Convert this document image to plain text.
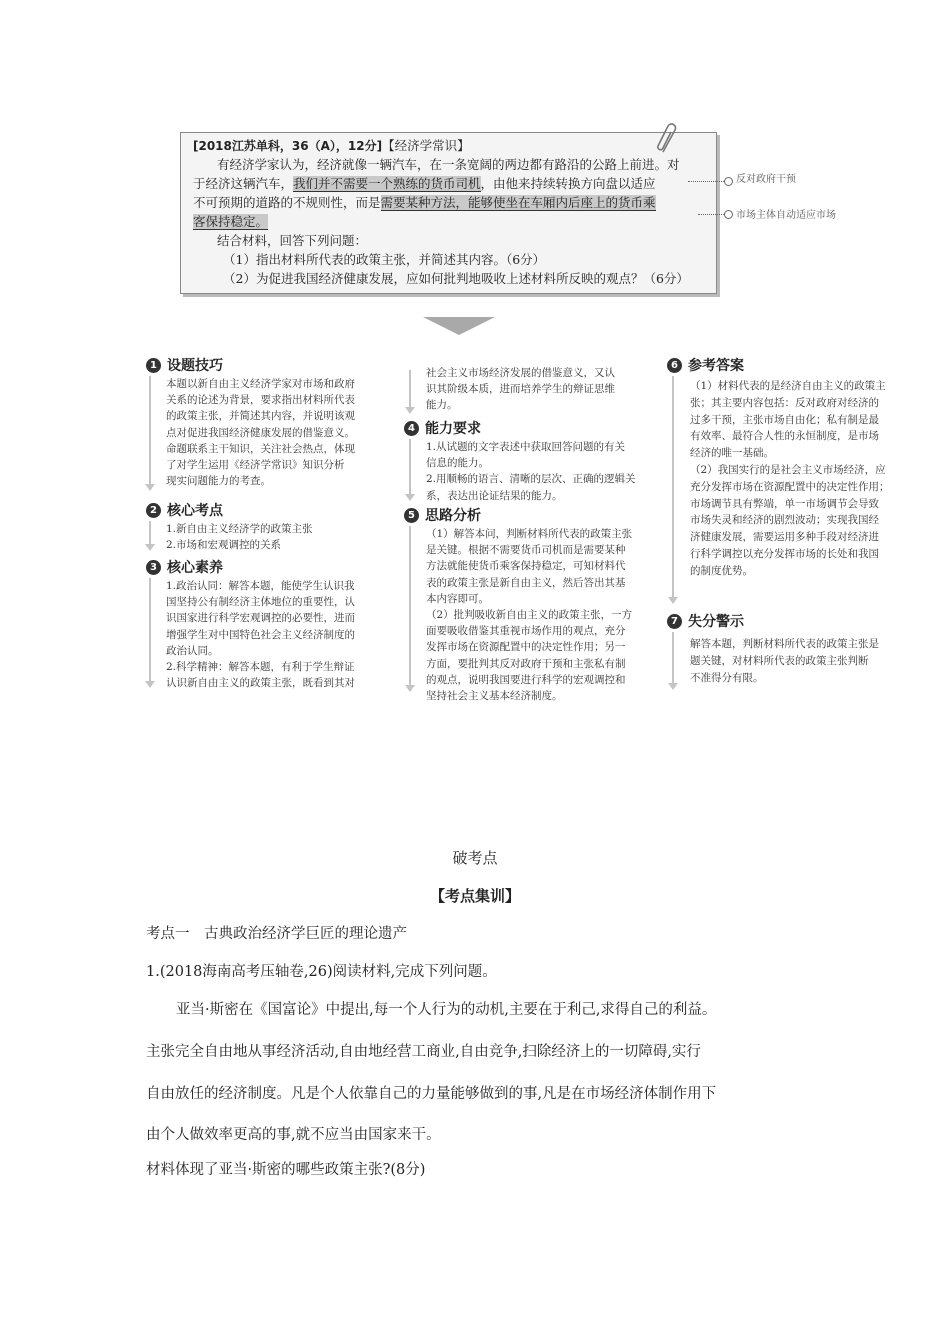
[2018江苏单科，36（A），12分]【经济学常识】
有经济学家认为，经济就像一辆汽车，在一条宽阔的两边都有路沿的公路上前进。对
于经济这辆汽车，我们并不需要一个熟练的货币司机，由他来持续转换方向盘以适应
不可预期的道路的不规则性，而是需要某种方法，能够使坐在车厢内后座上的货币乘
客保持稳定。
结合材料，回答下列问题：
（1）指出材料所代表的政策主张，并简述其内容。（6分）
（2）为促进我国经济健康发展，应如何批判地吸收上述材料所反映的观点？（6分）
反对政府干预
市场主体自动适应市场
1 设题技巧
本题以新自由主义经济学家对市场和政府
关系的论述为背景，要求指出材料所代表
的政策主张，并简述其内容，并说明该观
点对促进我国经济健康发展的借鉴意义。
命题联系主干知识，关注社会热点，体现
了对学生运用《经济学常识》知识分析
现实问题能力的考查。
2 核心考点
1.新自由主义经济学的政策主张
2.市场和宏观调控的关系
3 核心素养
1.政治认同：解答本题，能使学生认识我
国坚持公有制经济主体地位的重要性，认
识国家进行科学宏观调控的必要性，进而
增强学生对中国特色社会主义经济制度的
政治认同。
2.科学精神：解答本题，有利于学生辩证
认识新自由主义的政策主张，既看到其对
社会主义市场经济发展的借鉴意义，又认
识其阶级本质，进而培养学生的辩证思维
能力。
4 能力要求
1.从试题的文字表述中获取回答问题的有关
信息的能力。
2.用顺畅的语言、清晰的层次、正确的逻辑关
系，表达出论证结果的能力。
5 思路分析
（1）解答本问，判断材料所代表的政策主张
是关键。根据不需要货币司机而是需要某种
方法就能使货币乘客保持稳定，可知材料代
表的政策主张是新自由主义，然后答出其基
本内容即可。
（2）批判吸收新自由主义的政策主张，一方
面要吸收借鉴其重视市场作用的观点，充分
发挥市场在资源配置中的决定性作用；另一
方面，要批判其反对政府干预和主张私有制
的观点，说明我国要进行科学的宏观调控和
坚持社会主义基本经济制度。
6 参考答案
（1）材料代表的是经济自由主义的政策主
张；其主要内容包括：反对政府对经济的
过多干预，主张市场自由化；私有制是最
有效率、最符合人性的永恒制度，是市场
经济的唯一基础。
（2）我国实行的是社会主义市场经济，应
充分发挥市场在资源配置中的决定性作用；
市场调节具有弊端，单一市场调节会导致
市场失灵和经济的剧烈波动；实现我国经
济健康发展，需要运用多种手段对经济进
行科学调控以充分发挥市场的长处和我国
的制度优势。
7 失分警示
解答本题，判断材料所代表的政策主张是
题关键，对材料所代表的政策主张判断
不准得分有限。
破考点
【考点集训】
考点一　古典政治经济学巨匠的理论遗产
1.(2018海南高考压轴卷,26)阅读材料,完成下列问题。
亚当·斯密在《国富论》中提出,每一个人行为的动机,主要在于利己,求得自己的利益。
主张完全自由地从事经济活动,自由地经营工商业,自由竞争,扫除经济上的一切障碍,实行
自由放任的经济制度。凡是个人依靠自己的力量能够做到的事,凡是在市场经济体制作用下
由个人做效率更高的事,就不应当由国家来干。
材料体现了亚当·斯密的哪些政策主张?(8分)
